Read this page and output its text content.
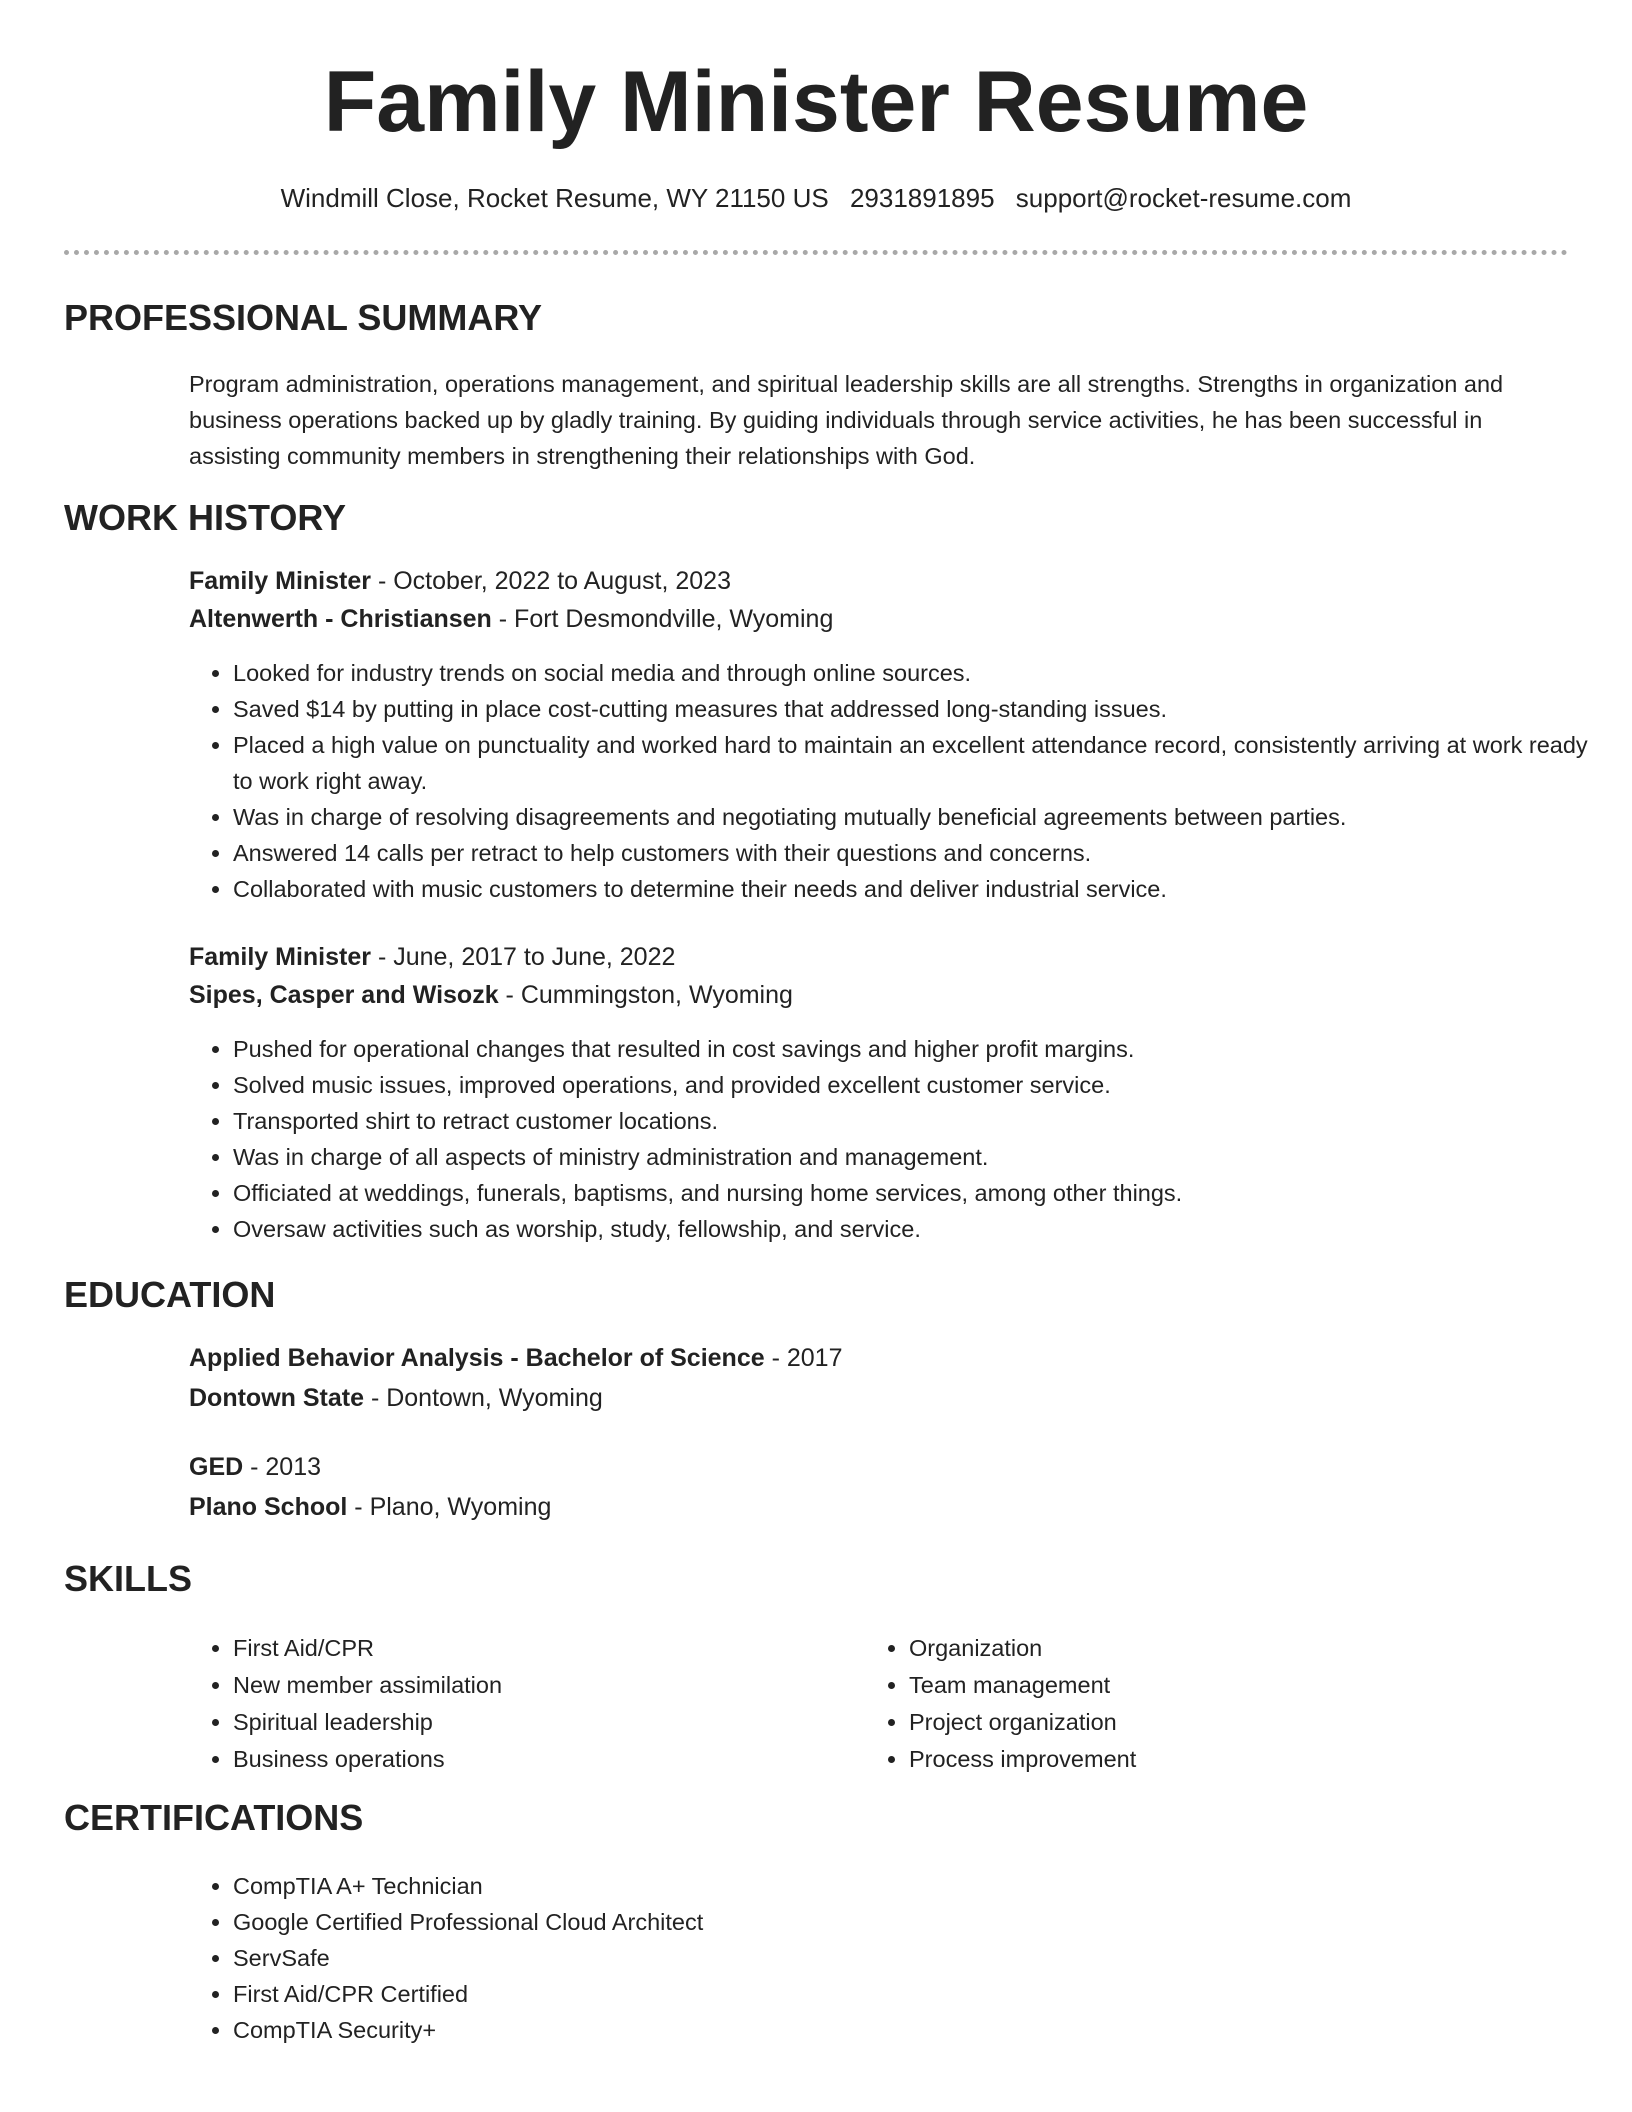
Family Minister Resume
Windmill Close, Rocket Resume, WY 21150 US 2931891895 support@rocket-resume.com
PROFESSIONAL SUMMARY

Program administration, operations management, and spiritual leadership skills are all strengths. Strengths in organization and business operations backed up by gladly training. By guiding individuals through service activities, he has been successful in assisting community members in strengthening their relationships with God.

WORK HISTORY
Family Minister - October, 2022 to August, 2023
Altenwerth - Christiansen - Fort Desmondville, Wyoming
• Looked for industry trends on social media and through online sources.
• Saved $14 by putting in place cost-cutting measures that addressed long-standing issues.
• Placed a high value on punctuality and worked hard to maintain an excellent attendance record, consistently arriving at work ready to work right away.
• Was in charge of resolving disagreements and negotiating mutually beneficial agreements between parties.
• Answered 14 calls per retract to help customers with their questions and concerns.
• Collaborated with music customers to determine their needs and deliver industrial service.
Family Minister - June, 2017 to June, 2022
Sipes, Casper and Wisozk - Cummingston, Wyoming
• Pushed for operational changes that resulted in cost savings and higher profit margins.
• Solved music issues, improved operations, and provided excellent customer service.
• Transported shirt to retract customer locations.
• Was in charge of all aspects of ministry administration and management.
• Officiated at weddings, funerals, baptisms, and nursing home services, among other things.
• Oversaw activities such as worship, study, fellowship, and service.
EDUCATION
Applied Behavior Analysis - Bachelor of Science - 2017
Dontown State - Dontown, Wyoming
GED - 2013
Plano School - Plano, Wyoming
SKILLS
• First Aid/CPR
• New member assimilation
• Spiritual leadership
• Business operations
• Organization
• Team management
• Project organization
• Process improvement
CERTIFICATIONS
• CompTIA A+ Technician
• Google Certified Professional Cloud Architect
• ServSafe
• First Aid/CPR Certified
• CompTIA Security+
